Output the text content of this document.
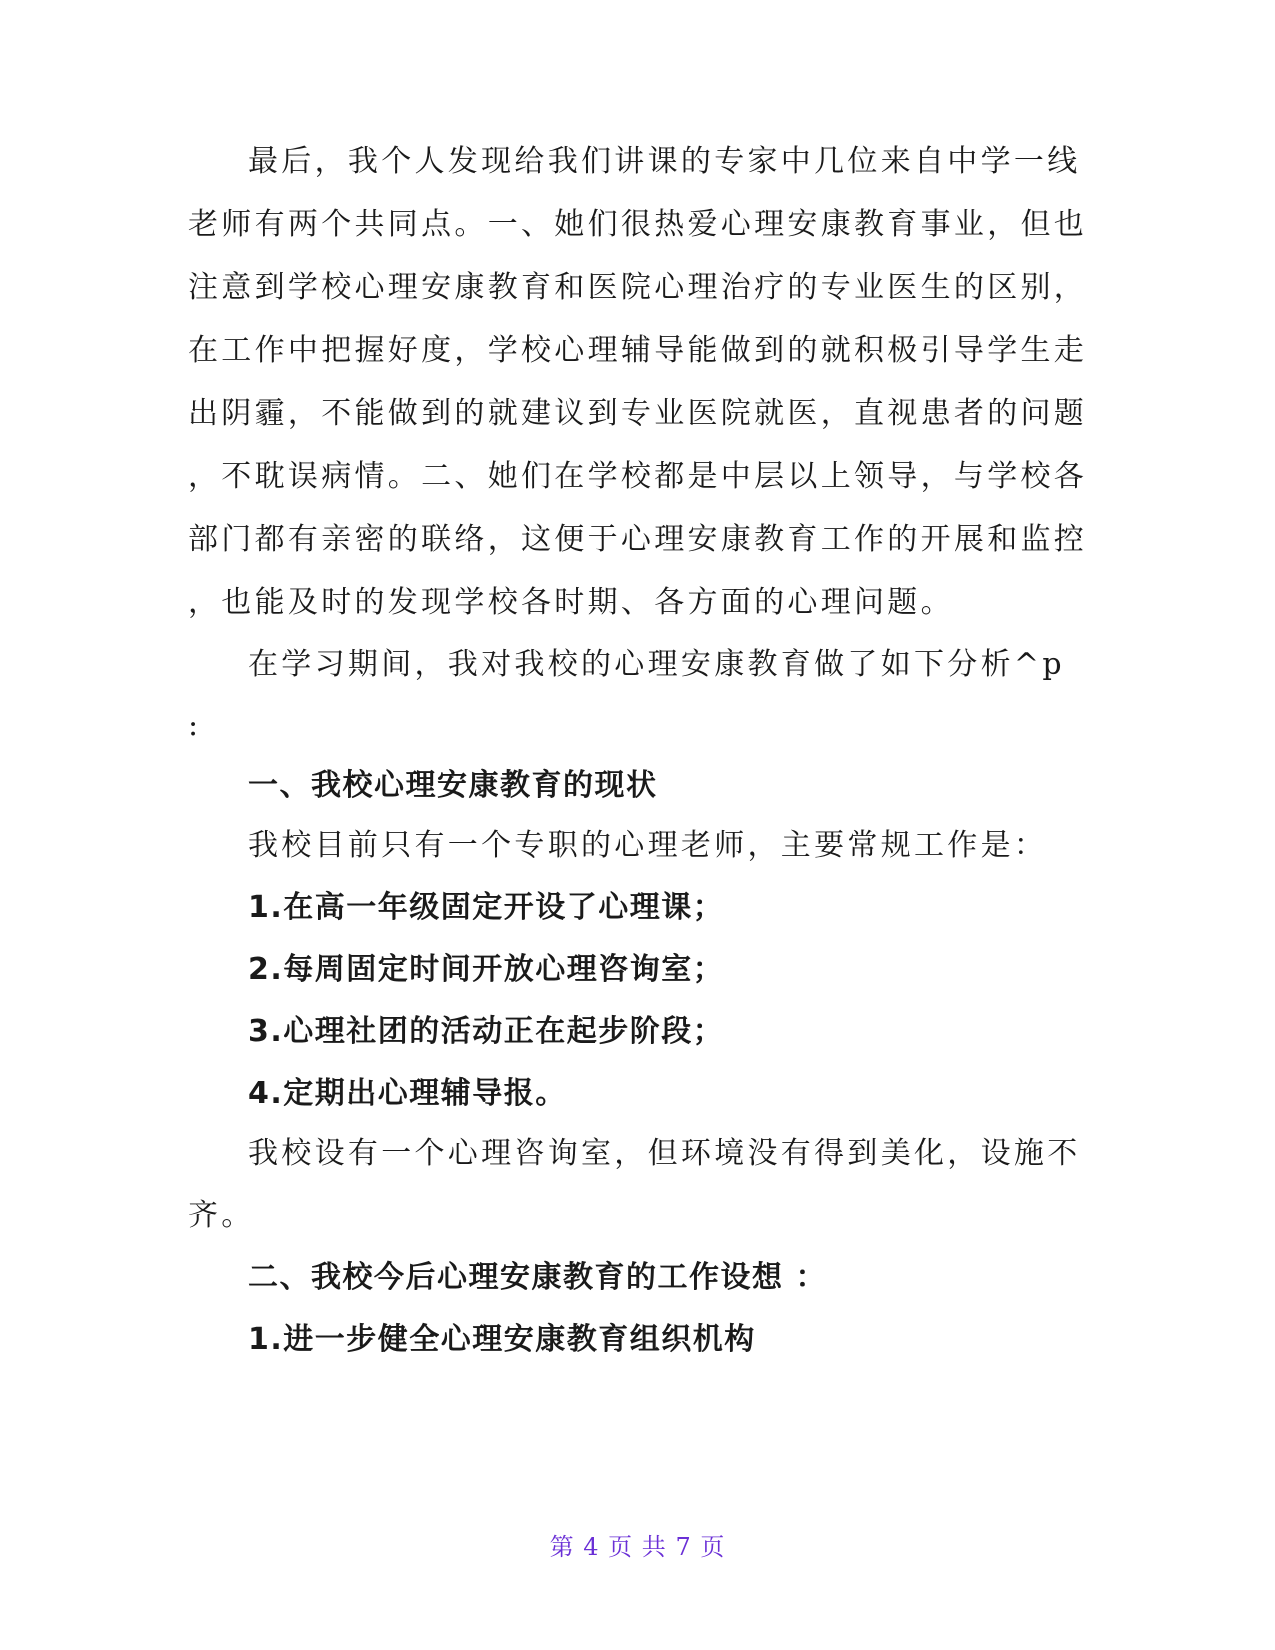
最后，我个人发现给我们讲课的专家中几位来自中学一线
老师有两个共同点。一、她们很热爱心理安康教育事业，但也
注意到学校心理安康教育和医院心理治疗的专业医生的区别，
在工作中把握好度，学校心理辅导能做到的就积极引导学生走
出阴霾，不能做到的就建议到专业医院就医，直视患者的问题
，不耽误病情。二、她们在学校都是中层以上领导，与学校各
部门都有亲密的联络，这便于心理安康教育工作的开展和监控
，也能及时的发现学校各时期、各方面的心理问题。
在学习期间，我对我校的心理安康教育做了如下分析^p
:
一、我校心理安康教育的现状
我校目前只有一个专职的心理老师，主要常规工作是：
1.在高一年级固定开设了心理课；
2.每周固定时间开放心理咨询室；
3.心理社团的活动正在起步阶段；
4.定期出心理辅导报。
我校设有一个心理咨询室，但环境没有得到美化，设施不
齐。
二、我校今后心理安康教育的工作设想 ：
1.进一步健全心理安康教育组织机构
第 4 页 共 7 页
